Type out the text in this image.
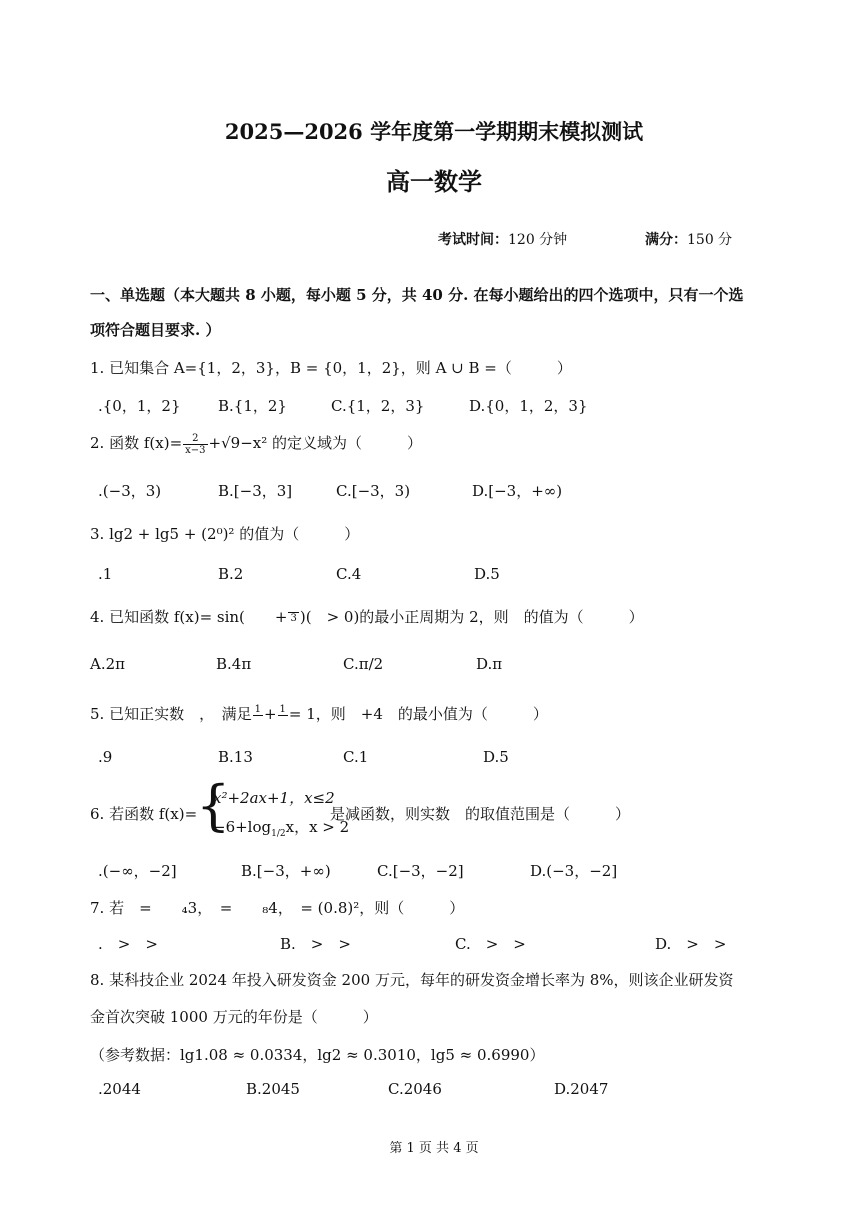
2025—2026 学年度第一学期期末模拟测试
高一数学
考试时间：120 分钟	满分：150 分
一、单选题（本大题共 8 小题，每小题 5 分，共 40 分. 在每小题给出的四个选项中，只有一个选
项符合题目要求. ）
1. 已知集合 A={1，2，3}，B = {0，1，2}，则 A ∪ B =（　　　）
.{0，1，2}	B.{1，2}	C.{1，2，3}	D.{0，1，2，3}
2. 函数 $f(x)= \frac{2}{x-3} +√9-x^2$ 的定义域为（　　　）
.(−3，3)	B.[−3，3]	C.[−3，3)	D.[−3，+∞)
3. lg2 + lg5 + (2⁰)² 的值为（　　　）
.1	B.2	C.4	D.5
4. 已知函数 f(x)= sin(　　+ 3 )(　> 0)的最小正周期为 2，则　的值为（　　　）
A.2π	B.4π	C.π/2	D.π
5. 已知正实数　，　满足 1 + 1 = 1，则　+4　的最小值为（　　　）
.9	B.13	C.1	D.5
6. 若函数 f(x)=
{
x²+2ax+1，x≤2
$-6+\log_{1/2}x$，x > 2
是减函数，则实数　的取值范围是（　　　）
.(−∞，−2]	B.[−3，+∞)	C.[−3，−2]	D.(−3，−2]
7. 若　=　　₄3，　=　　₈4，　= (0.8)²，则（　　　）
.　>　>	B.　>　>	C.　>　>	D.　>　>
8. 某科技企业 2024 年投入研发资金 200 万元，每年的研发资金增长率为 8%，则该企业研发资
金首次突破 1000 万元的年份是（　　　）
（参考数据：lg1.08 ≈ 0.0334，lg2 ≈ 0.3010，lg5 ≈ 0.6990）
.2044	B.2045	C.2046	D.2047
第 1 页 共 4 页
